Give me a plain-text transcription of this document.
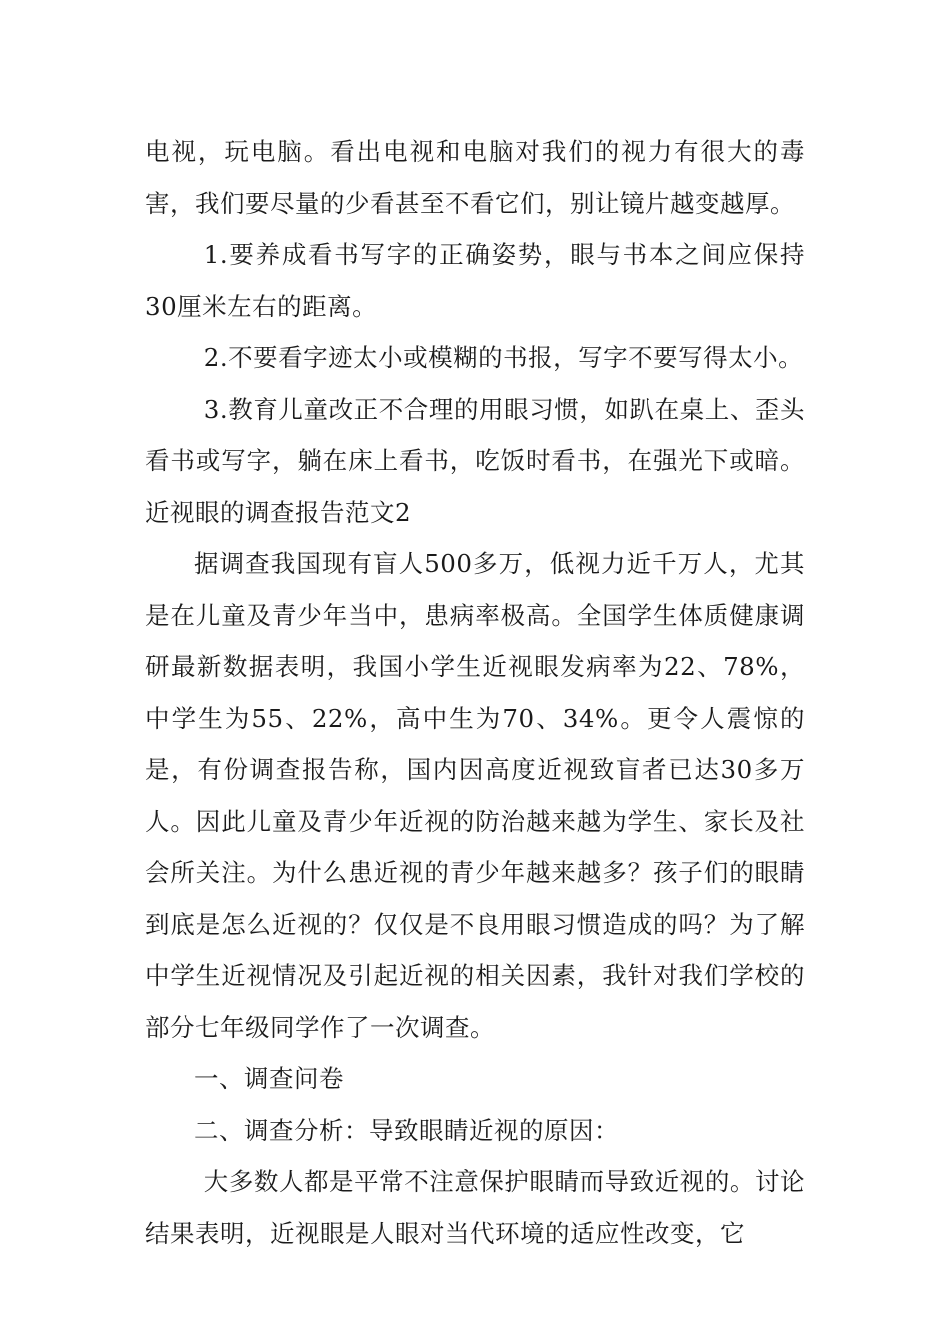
电视，玩电脑。看出电视和电脑对我们的视力有很大的毒害，我们要尽量的少看甚至不看它们，别让镜片越变越厚。

1.要养成看书写字的正确姿势，眼与书本之间应保持30厘米左右的距离。

2.不要看字迹太小或模糊的书报，写字不要写得太小。

3.教育儿童改正不合理的用眼习惯，如趴在桌上、歪头看书或写字，躺在床上看书，吃饭时看书，在强光下或暗。近视眼的调查报告范文2

据调查我国现有盲人500多万，低视力近千万人，尤其是在儿童及青少年当中，患病率极高。全国学生体质健康调研最新数据表明，我国小学生近视眼发病率为22、78%，中学生为55、22%，高中生为70、34%。更令人震惊的是，有份调查报告称，国内因高度近视致盲者已达30多万人。因此儿童及青少年近视的防治越来越为学生、家长及社会所关注。为什么患近视的青少年越来越多？孩子们的眼睛到底是怎么近视的？仅仅是不良用眼习惯造成的吗？为了解中学生近视情况及引起近视的相关因素，我针对我们学校的部分七年级同学作了一次调查。

一、调查问卷

二、调查分析：导致眼睛近视的原因：

大多数人都是平常不注意保护眼睛而导致近视的。讨论结果表明，近视眼是人眼对当代环境的适应性改变，它
